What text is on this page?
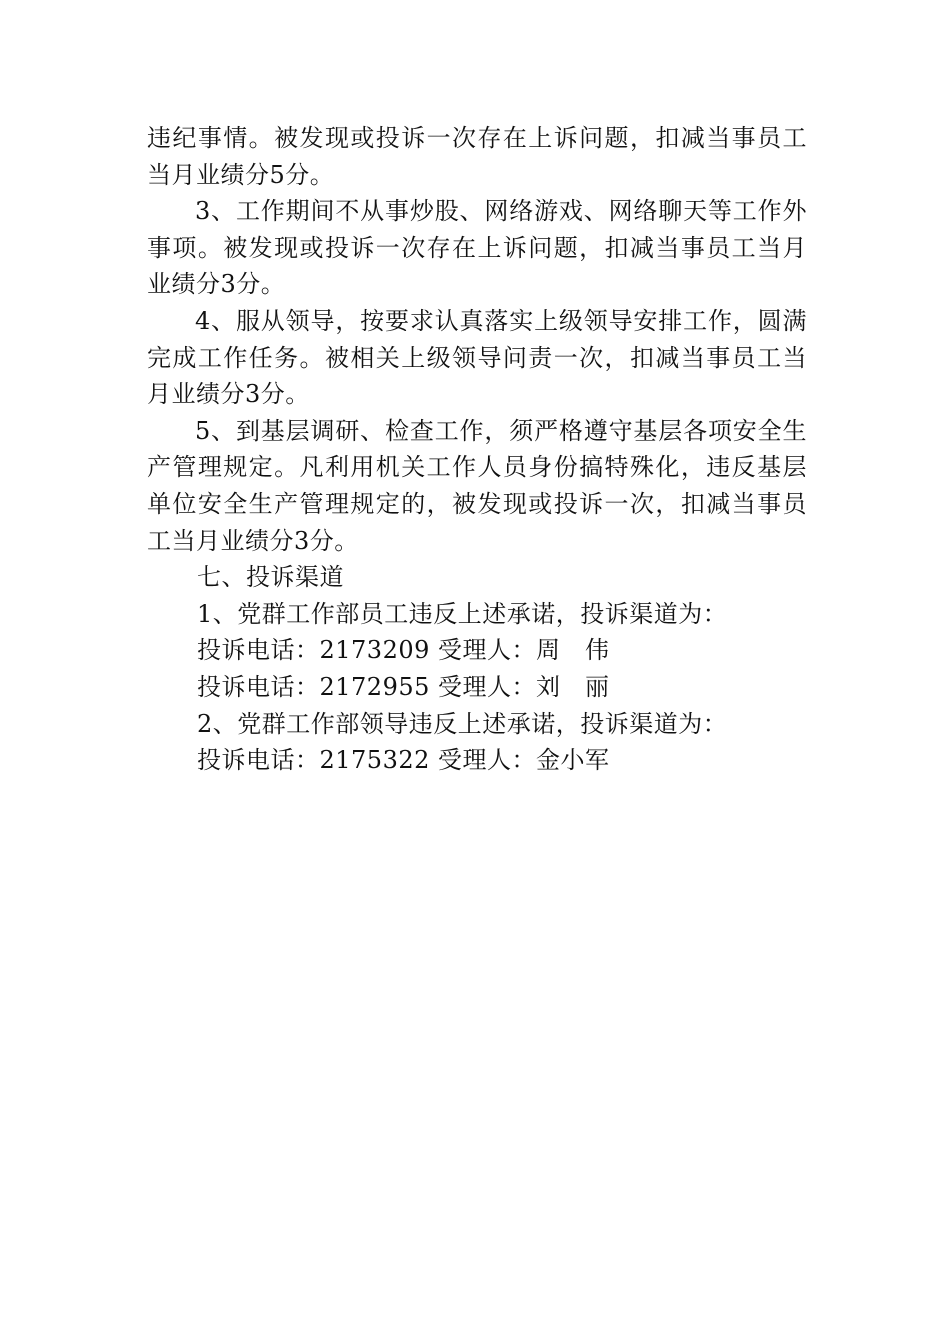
违纪事情。被发现或投诉一次存在上诉问题，扣减当事员工当月业绩分5分。

3、工作期间不从事炒股、网络游戏、网络聊天等工作外事项。被发现或投诉一次存在上诉问题，扣减当事员工当月业绩分3分。

4、服从领导，按要求认真落实上级领导安排工作，圆满完成工作任务。被相关上级领导问责一次，扣减当事员工当月业绩分3分。

5、到基层调研、检查工作，须严格遵守基层各项安全生产管理规定。凡利用机关工作人员身份搞特殊化，违反基层单位安全生产管理规定的，被发现或投诉一次，扣减当事员工当月业绩分3分。

七、投诉渠道

1、党群工作部员工违反上述承诺，投诉渠道为：

投诉电话：2173209 受理人：周　伟

投诉电话：2172955 受理人：刘　丽

2、党群工作部领导违反上述承诺，投诉渠道为：

投诉电话：2175322 受理人：金小军
